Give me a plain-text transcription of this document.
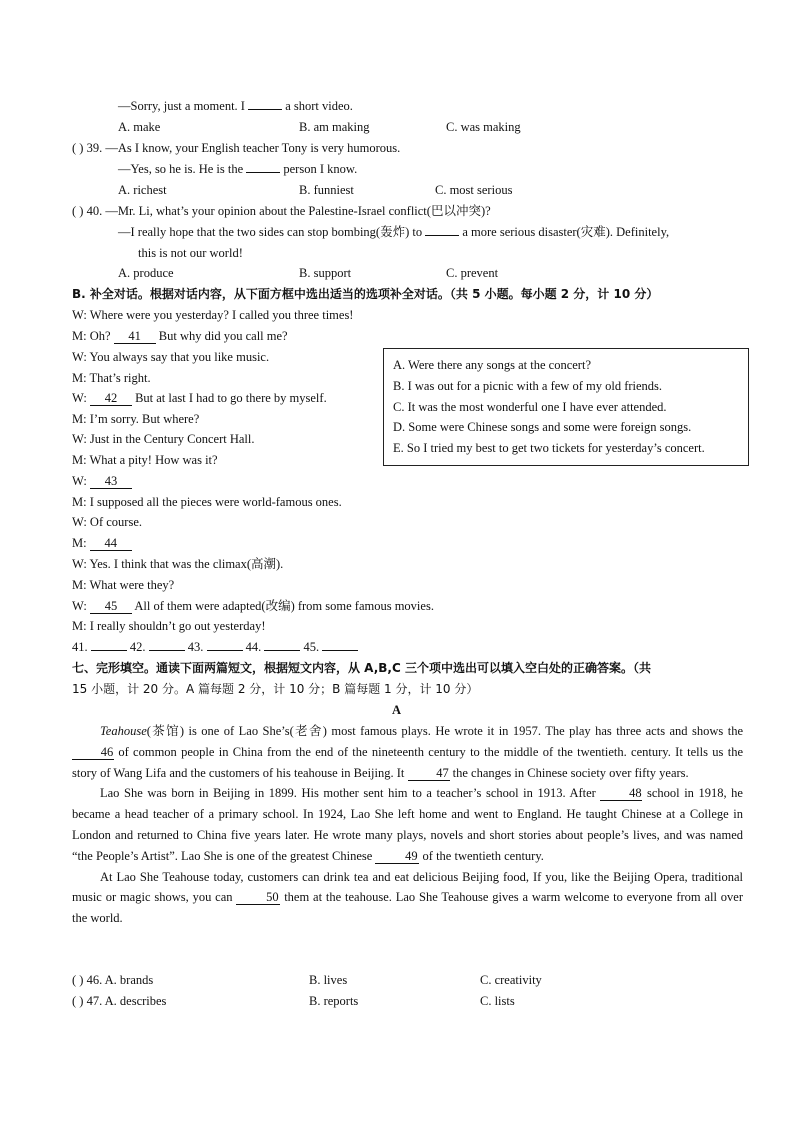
—Sorry, just a moment. I	a short video.
A. make	B. am making	C. was making
( ) 39. —As I know, your English teacher Tony is very humorous.
—Yes, so he is. He is the	person I know.
A. richest	B. funniest	C. most serious
( ) 40. —Mr. Li, what’s your opinion about the Palestine-Israel conflict(巴以冲突)?
—I really hope that the two sides can stop bombing(轰炸) to	a more serious disaster(灾难). Definitely,
this is not our world!
A. produce	B. support	C. prevent
B. 补全对话。根据对话内容，从下面方框中选出适当的选项补全对话。（共 5 小题。每小题 2 分，计 10 分）
W: Where were you yesterday? I called you three times!
M: Oh? 41 But why did you call me?
W: You always say that you like music.
M: That’s right.
W: 42 But at last I had to go there by myself.
M: I’m sorry. But where?
W: Just in the Century Concert Hall.
M: What a pity! How was it?
W: 43
M: I supposed all the pieces were world-famous ones.
W: Of course.
M: 44
W: Yes. I think that was the climax(高潮).
M: What were they?
W: 45 All of them were adapted(改编) from some famous movies.
M: I really shouldn’t go out yesterday!
A. Were there any songs at the concert?
B. I was out for a picnic with a few of my old friends.
C. It was the most wonderful one I have ever attended.
D. Some were Chinese songs and some were foreign songs.
E. So I tried my best to get two tickets for yesterday’s concert.
41.	42.	43.	44.	45.
七、完形填空。通读下面两篇短文，根据短文内容，从 A,B,C 三个项中选出可以填入空白处的正确答案。（共
15 小题，计 20 分。A 篇每题 2 分，计 10 分；B 篇每题 1 分，计 10 分）
A

Teahouse(茶馆) is one of Lao She’s(老舍) most famous plays. He wrote it in 1957. The play has three acts and shows the 46 of common people in China from the end of the nineteenth century to the middle of the twentieth. century. It tells us the story of Wang Lifa and the customers of his teahouse in Beijing. It 47 the changes in Chinese society over fifty years.

Lao She was born in Beijing in 1899. His mother sent him to a teacher’s school in 1913. After 48 school in 1918, he became a head teacher of a primary school. In 1924, Lao She left home and went to England. He taught Chinese at a College in London and returned to China five years later. He wrote many plays, novels and short stories about people’s lives, and was named “the People’s Artist”. Lao She is one of the greatest Chinese 49 of the twentieth century.

At Lao She Teahouse today, customers can drink tea and eat delicious Beijing food, If you, like the Beijing Opera, traditional music or magic shows, you can 50 them at the teahouse. Lao She Teahouse gives a warm welcome to everyone from all over the world.

( ) 46. A. brands	B. lives	C. creativity
( ) 47. A. describes	B. reports	C. lists
